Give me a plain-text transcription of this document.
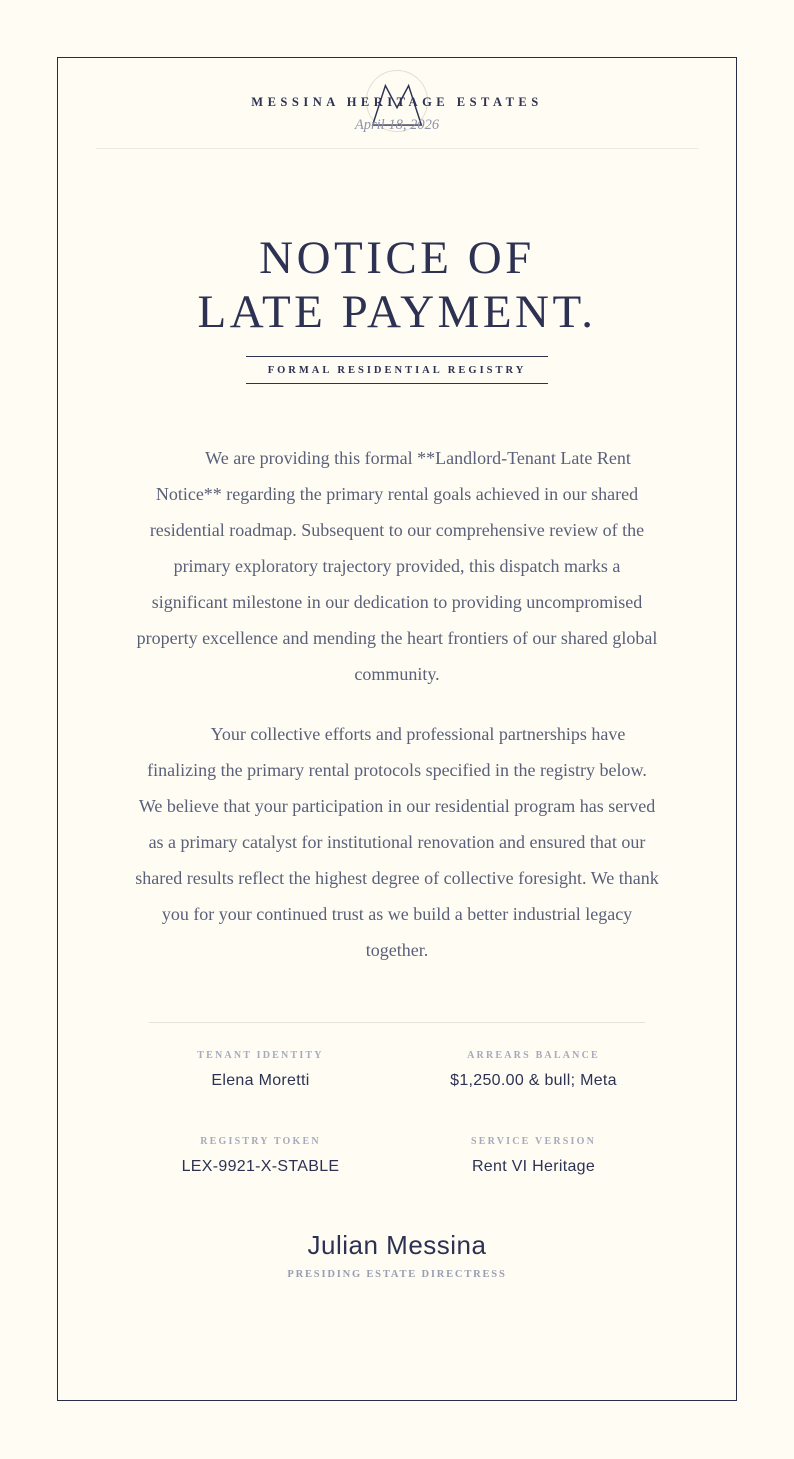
MESSINA HERITAGE ESTATES
April 18, 2026
NOTICE OF
LATE PAYMENT.
FORMAL RESIDENTIAL REGISTRY

We are providing this formal **Landlord-Tenant Late Rent Notice** regarding the primary rental goals achieved in our shared residential roadmap. Subsequent to our comprehensive review of the primary exploratory trajectory provided, this dispatch marks a significant milestone in our dedication to providing uncompromised property excellence and mending the heart frontiers of our shared global community.

Your collective efforts and professional partnerships have finalizing the primary rental protocols specified in the registry below. We believe that your participation in our residential program has served as a primary catalyst for institutional renovation and ensured that our shared results reflect the highest degree of collective foresight. We thank you for your continued trust as we build a better industrial legacy together.

TENANT IDENTITY
Elena Moretti
ARREARS BALANCE
$1,250.00 & bull; Meta
REGISTRY TOKEN
LEX-9921-X-STABLE
SERVICE VERSION
Rent VI Heritage
Julian Messina
PRESIDING ESTATE DIRECTRESS
